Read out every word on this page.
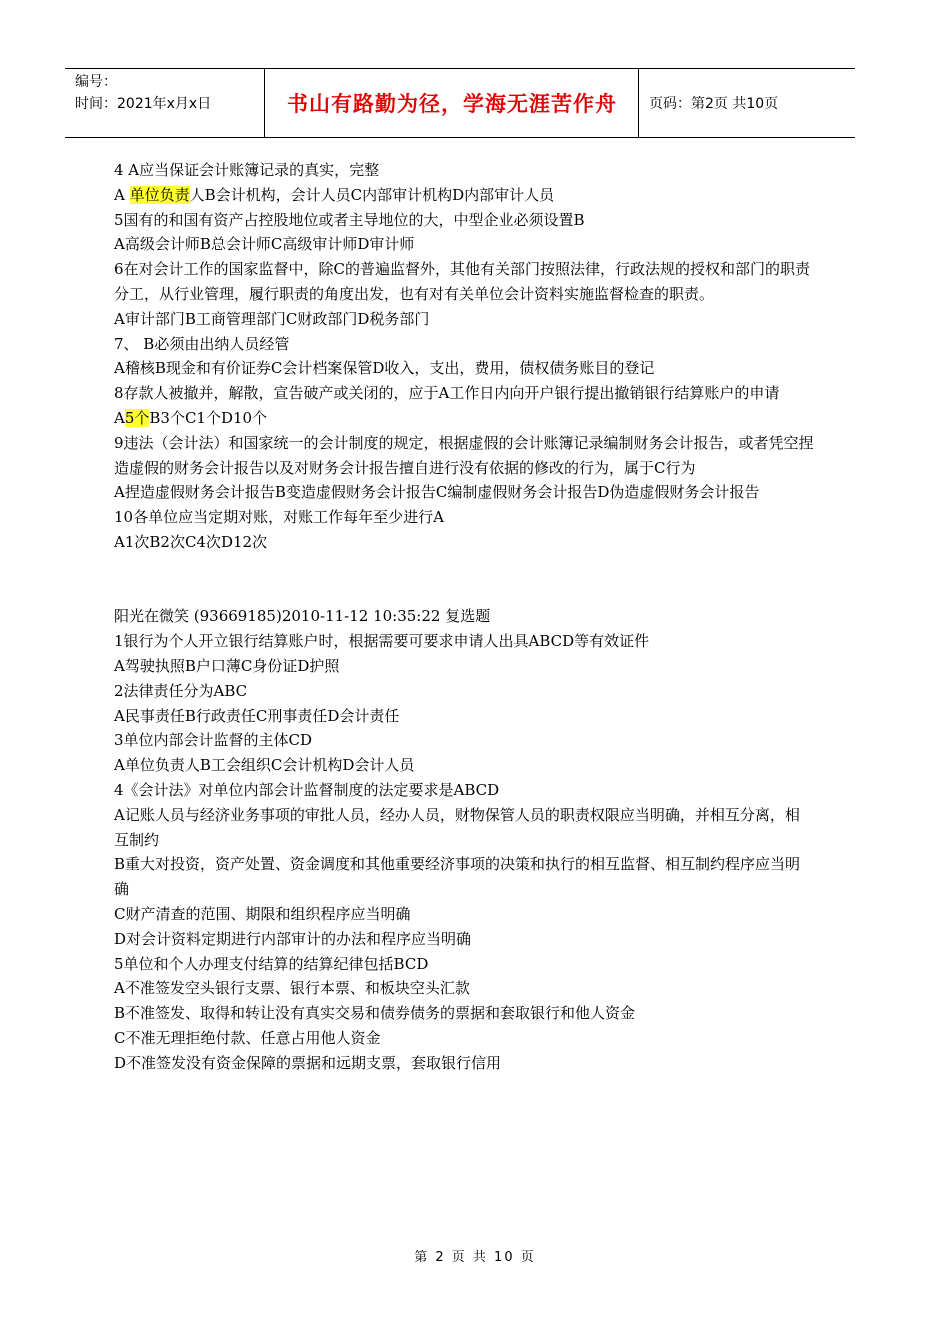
编号：
时间：2021年x月x日	书山有路勤为径，学海无涯苦作舟 页码：第2页 共10页

4 A应当保证会计账簿记录的真实，完整

A 单位负责人B会计机构，会计人员C内部审计机构D内部审计人员

5国有的和国有资产占控股地位或者主导地位的大，中型企业必须设置B

A高级会计师B总会计师C高级审计师D审计师

6在对会计工作的国家监督中，除C的普遍监督外，其他有关部门按照法律，行政法规的授权和部门的职责分工，从行业管理，履行职责的角度出发，也有对有关单位会计资料实施监督检查的职责。

A审计部门B工商管理部门C财政部门D税务部门

7、 B必须由出纳人员经管

A稽核B现金和有价证券C会计档案保管D收入，支出，费用，债权债务账目的登记

8存款人被撤并，解散，宣告破产或关闭的，应于A工作日内向开户银行提出撤销银行结算账户的申请

A5个B3个C1个D10个

9违法（会计法）和国家统一的会计制度的规定，根据虚假的会计账簿记录编制财务会计报告，或者凭空捏造虚假的财务会计报告以及对财务会计报告擅自进行没有依据的修改的行为，属于C行为

A捏造虚假财务会计报告B变造虚假财务会计报告C编制虚假财务会计报告D伪造虚假财务会计报告

10各单位应当定期对账，对账工作每年至少进行A

A1次B2次C4次D12次

阳光在微笑 (93669185)2010-11-12 10:35:22 复选题

1银行为个人开立银行结算账户时，根据需要可要求申请人出具ABCD等有效证件

A驾驶执照B户口薄C身份证D护照

2法律责任分为ABC

A民事责任B行政责任C刑事责任D会计责任

3单位内部会计监督的主体CD

A单位负责人B工会组织C会计机构D会计人员

4《会计法》对单位内部会计监督制度的法定要求是ABCD

A记账人员与经济业务事项的审批人员，经办人员，财物保管人员的职责权限应当明确，并相互分离，相互制约

B重大对投资，资产处置、资金调度和其他重要经济事项的决策和执行的相互监督、相互制约程序应当明确

C财产清查的范围、期限和组织程序应当明确

D对会计资料定期进行内部审计的办法和程序应当明确

5单位和个人办理支付结算的结算纪律包括BCD

A不准签发空头银行支票、银行本票、和板块空头汇款

B不准签发、取得和转让没有真实交易和债券债务的票据和套取银行和他人资金

C不准无理拒绝付款、任意占用他人资金

D不准签发没有资金保障的票据和远期支票，套取银行信用

第 2 页 共 10 页
